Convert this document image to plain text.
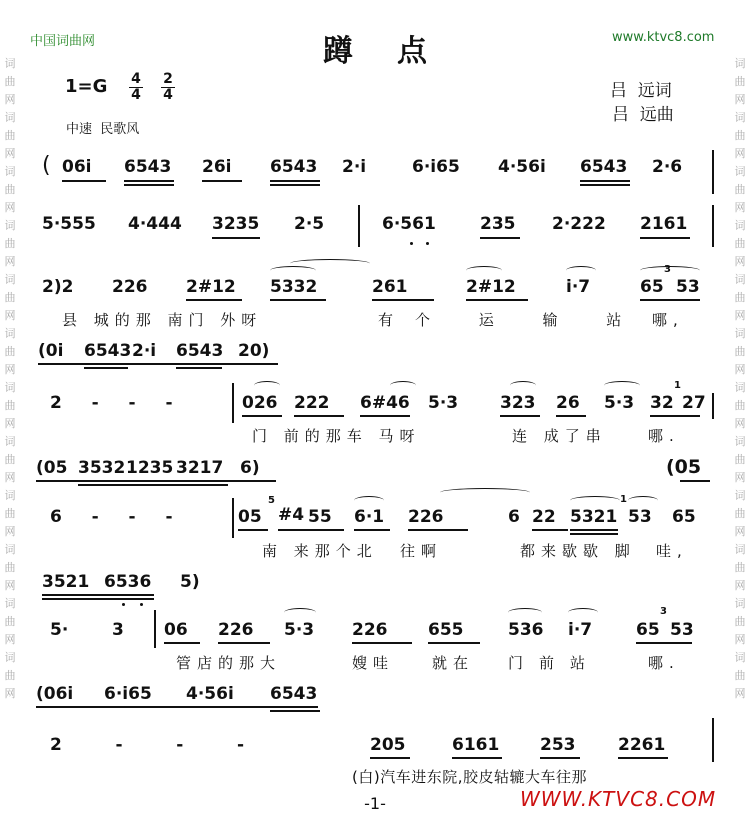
中国词曲网	www.ktvc8.com
词曲网词曲网词曲网词曲网词曲网词曲网词曲网词曲网词曲网词曲网词曲网词曲网
词曲网词曲网词曲网词曲网词曲网词曲网词曲网词曲网词曲网词曲网词曲网词曲网
蹲点
1=G 4
4
2
4
中速  民歌风
吕  远词
吕  远曲
( 06i 6543 26i 6543 2·i	6·i65 4·56i 6543 2·6
5·555 4·444 3235 2·5	6·561	235 2·222 2161
2)2 226 2#12 5332	261	2#12	i·7	65
3
53
县 城的那 南门 外呀	有个 运 输 站 哪,
(0i 6543 2·i 6543 20)
2  -  -  -	026 222 6#46 5·3 323 26 5·3 32
1
27
门 前的那车 马呀	连 成了串	哪.
(05 3532 1235 3217 6)	(05
6  -  -  -	05
5
#4 55 6·1 226	6 22 5321
1
53 65
南 来那个北 往啊	都来歇歇 脚 哇,
3521 6536 5)
5·	3 06 226 5·3 226 655	536 i·7	65
3
53
管店的那大	嫂哇	就在 门前站	哪.
(06i 6·i65 4·56i 6543
2    -    -    -	205	6161 253	2261
(白)汽车进东院,胶皮轱辘大车往那
-1-	WWW.KTVC8.COM
